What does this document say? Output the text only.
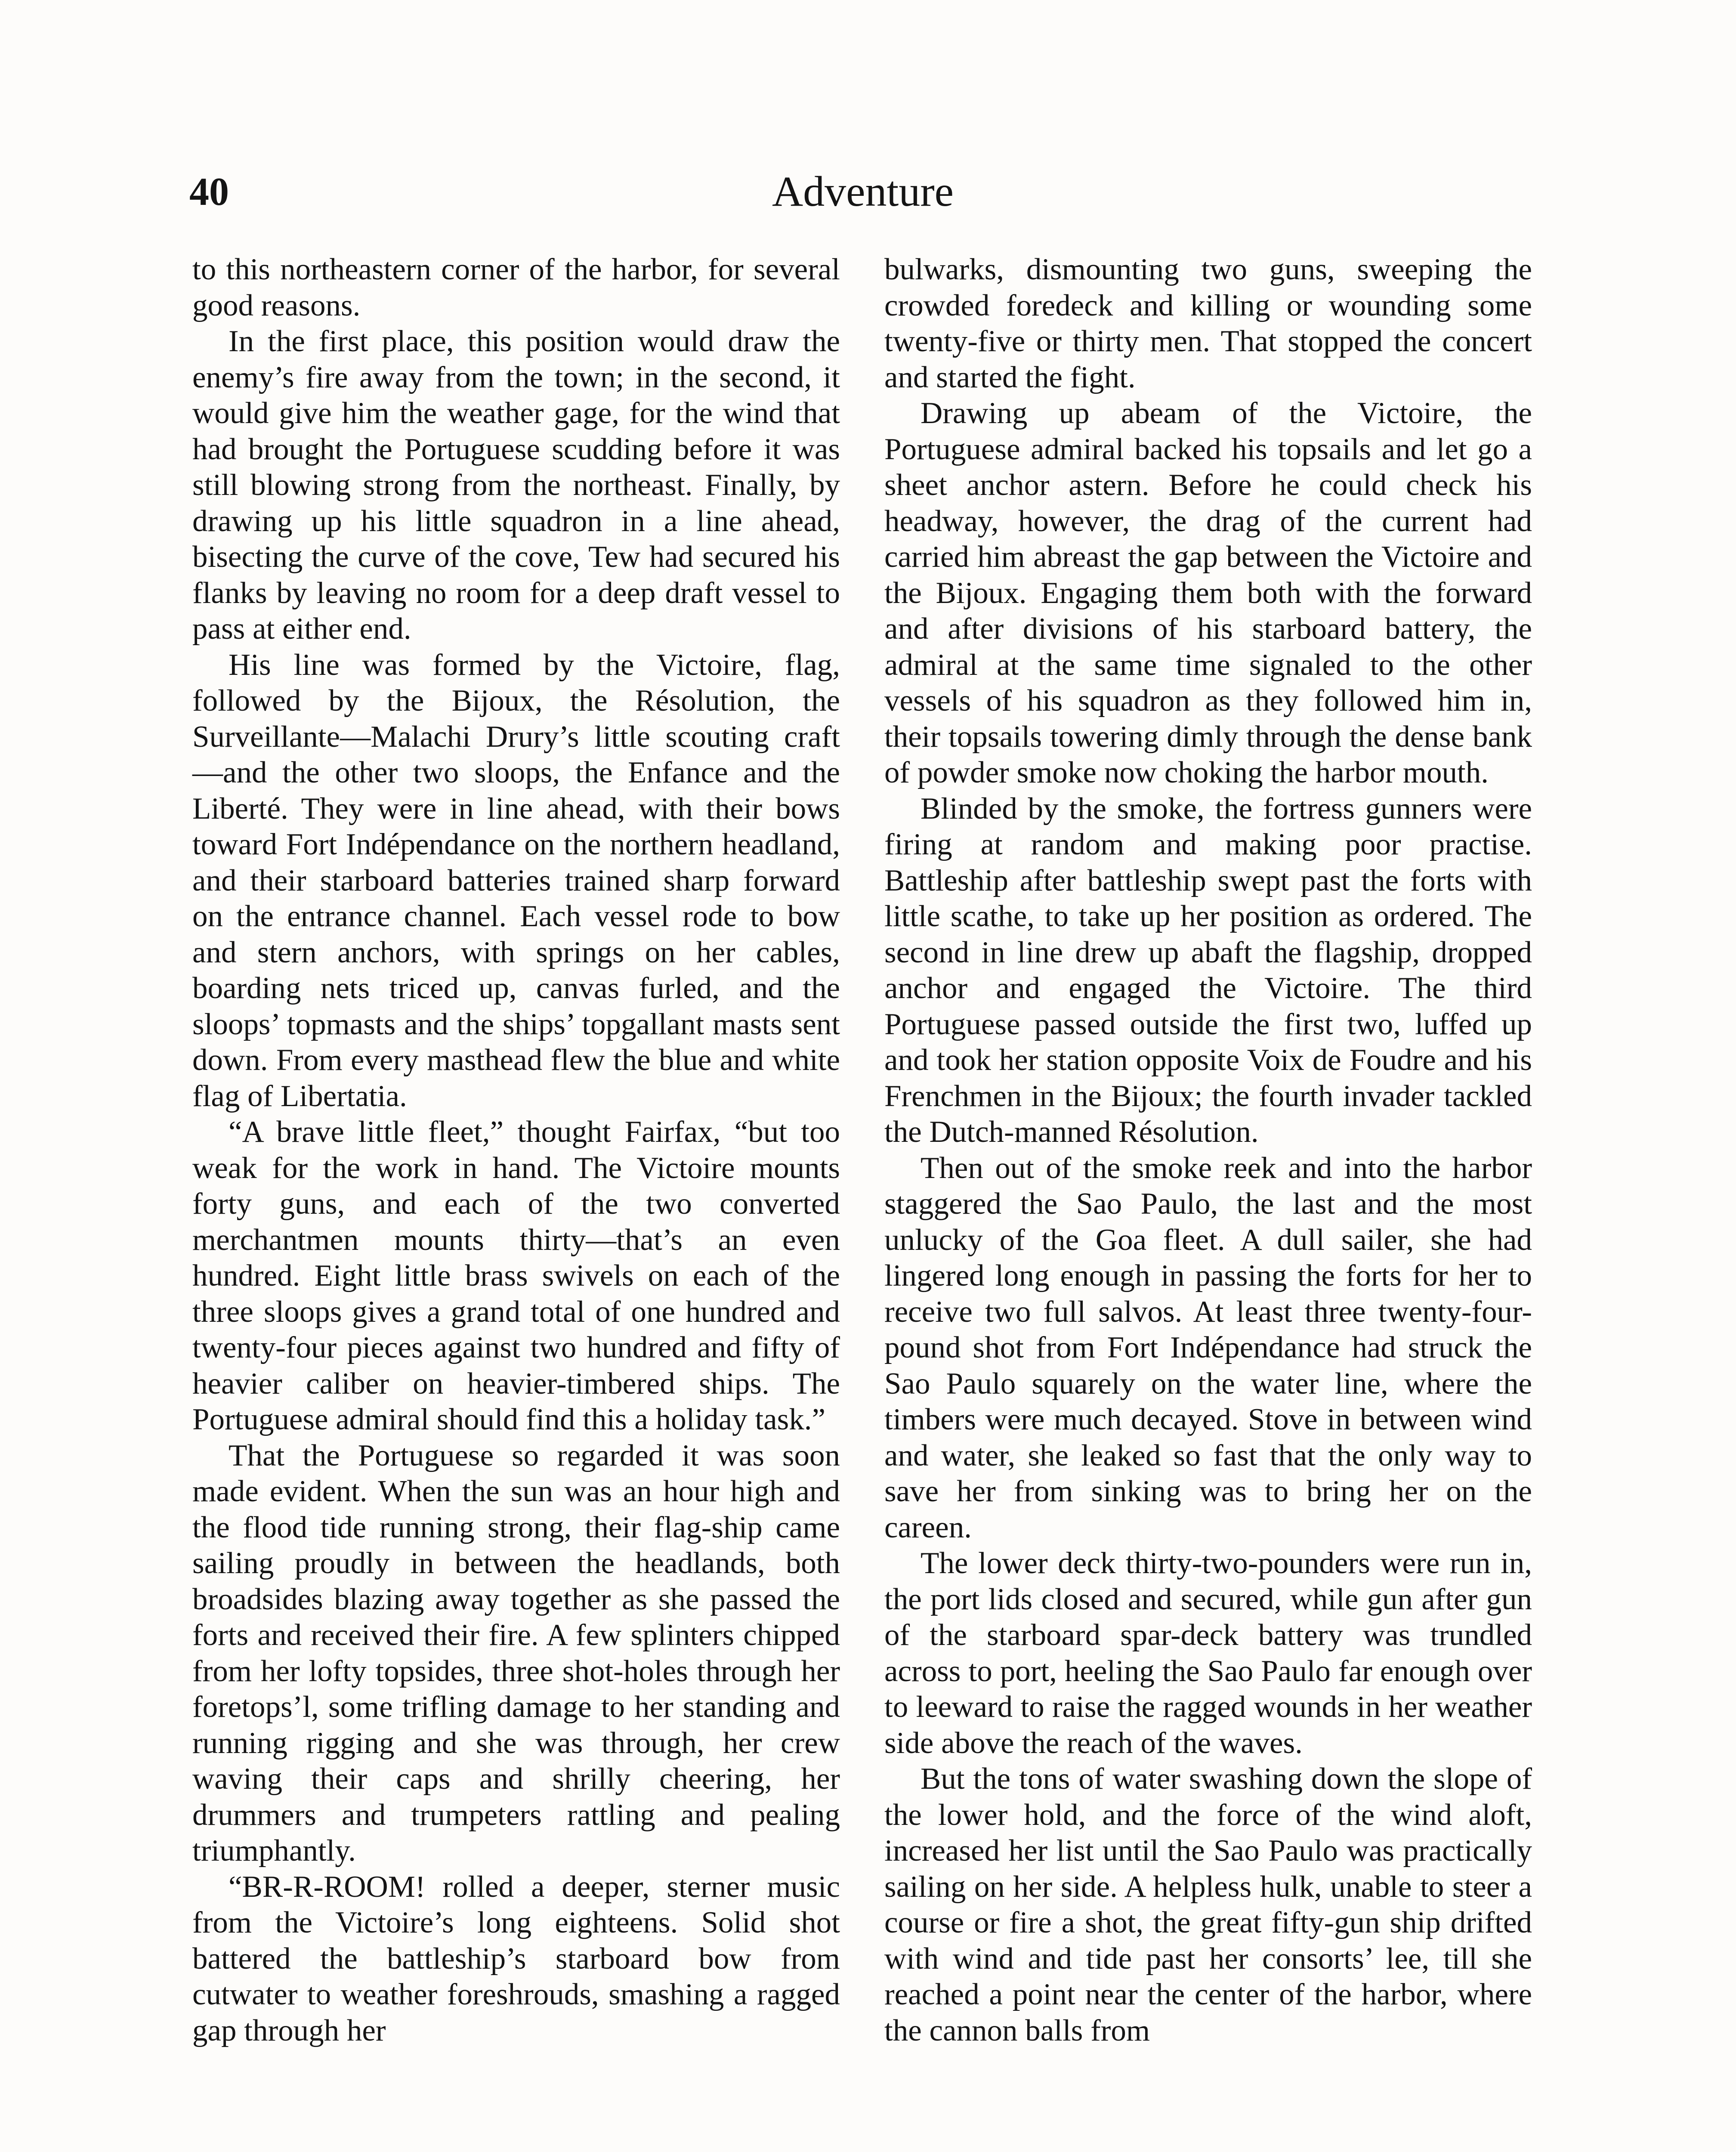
40	Adventure

to this northeastern corner of the harbor, for several good reasons.

In the first place, this position would draw the enemy’s fire away from the town; in the second, it would give him the weather gage, for the wind that had brought the Portuguese scudding before it was still blowing strong from the northeast. Finally, by drawing up his little squadron in a line ahead, bisecting the curve of the cove, Tew had secured his flanks by leaving no room for a deep draft vessel to pass at either end.

His line was formed by the Victoire, flag, followed by the Bijoux, the Résolution, the Surveillante—Malachi Drury’s little scouting craft—and the other two sloops, the Enfance and the Liberté. They were in line ahead, with their bows toward Fort Indépendance on the northern headland, and their starboard batteries trained sharp forward on the entrance channel. Each vessel rode to bow and stern anchors, with springs on her cables, boarding nets triced up, canvas furled, and the sloops’ topmasts and the ships’ topgallant masts sent down. From every masthead flew the blue and white flag of Libertatia.

“A brave little fleet,” thought Fairfax, “but too weak for the work in hand. The Victoire mounts forty guns, and each of the two converted merchantmen mounts thirty—that’s an even hundred. Eight little brass swivels on each of the three sloops gives a grand total of one hundred and twenty-four pieces against two hundred and fifty of heavier caliber on heavier-timbered ships. The Portuguese admiral should find this a holiday task.”

That the Portuguese so regarded it was soon made evident. When the sun was an hour high and the flood tide running strong, their flag-ship came sailing proudly in between the headlands, both broadsides blazing away together as she passed the forts and received their fire. A few splinters chipped from her lofty topsides, three shot-holes through her foretops’l, some trifling damage to her standing and running rigging and she was through, her crew waving their caps and shrilly cheering, her drummers and trumpeters rattling and pealing triumphantly.

“BR-R-ROOM! rolled a deeper, sterner music from the Victoire’s long eighteens. Solid shot battered the battleship’s starboard bow from cutwater to weather foreshrouds, smashing a ragged gap through her

bulwarks, dismounting two guns, sweeping the crowded foredeck and killing or wounding some twenty-five or thirty men. That stopped the concert and started the fight.

Drawing up abeam of the Victoire, the Portuguese admiral backed his topsails and let go a sheet anchor astern. Before he could check his headway, however, the drag of the current had carried him abreast the gap between the Victoire and the Bijoux. Engaging them both with the forward and after divisions of his starboard battery, the admiral at the same time signaled to the other vessels of his squadron as they followed him in, their topsails towering dimly through the dense bank of powder smoke now choking the harbor mouth.

Blinded by the smoke, the fortress gunners were firing at random and making poor practise. Battleship after battleship swept past the forts with little scathe, to take up her position as ordered. The second in line drew up abaft the flagship, dropped anchor and engaged the Victoire. The third Portuguese passed outside the first two, luffed up and took her station opposite Voix de Foudre and his Frenchmen in the Bijoux; the fourth invader tackled the Dutch-manned Résolution.

Then out of the smoke reek and into the harbor staggered the Sao Paulo, the last and the most unlucky of the Goa fleet. A dull sailer, she had lingered long enough in passing the forts for her to receive two full salvos. At least three twenty-four-pound shot from Fort Indépendance had struck the Sao Paulo squarely on the water line, where the timbers were much decayed. Stove in between wind and water, she leaked so fast that the only way to save her from sinking was to bring her on the careen.

The lower deck thirty-two-pounders were run in, the port lids closed and secured, while gun after gun of the starboard spar-deck battery was trundled across to port, heeling the Sao Paulo far enough over to leeward to raise the ragged wounds in her weather side above the reach of the waves.

But the tons of water swashing down the slope of the lower hold, and the force of the wind aloft, increased her list until the Sao Paulo was practically sailing on her side. A helpless hulk, unable to steer a course or fire a shot, the great fifty-gun ship drifted with wind and tide past her consorts’ lee, till she reached a point near the center of the harbor, where the cannon balls from
